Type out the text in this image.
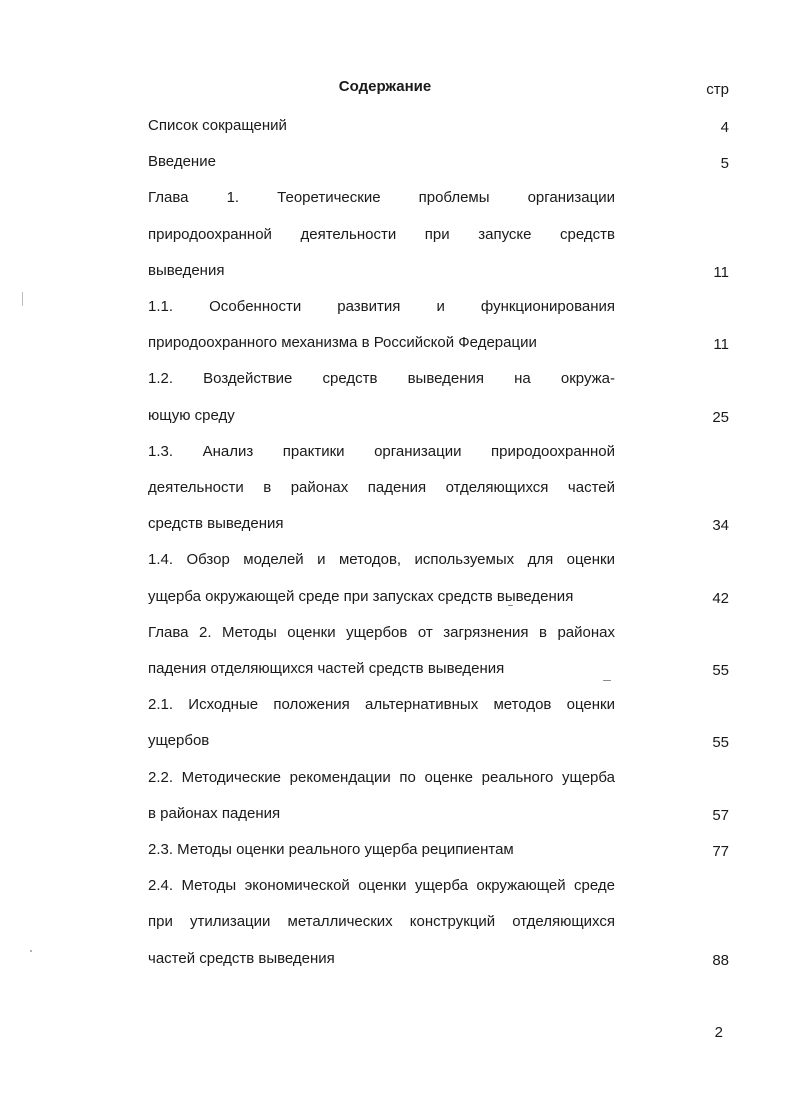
Содержание	стр
Список сокращений	4
Введение	5
Глава 1. Теоретические проблемы организации
природоохранной деятельности при запуске средств
выведения	11
1.1. Особенности развития и функционирования
природоохранного механизма в Российской Федерации	11
1.2. Воздействие средств выведения на окружа-
ющую среду	25
1.3. Анализ практики организации природоохранной
деятельности в районах падения отделяющихся частей
средств выведения	34
1.4. Обзор моделей и методов, используемых для оценки
ущерба окружающей среде при запусках средств выведения	42
Глава 2. Методы оценки ущербов от загрязнения в районах
падения отделяющихся частей средств выведения	55
2.1. Исходные положения альтернативных методов оценки
ущербов	55
2.2. Методические рекомендации по оценке реального ущерба
в районах падения	57
2.3. Методы оценки реального ущерба реципиентам	77
2.4. Методы экономической оценки ущерба окружающей среде
при утилизации металлических конструкций отделяющихся
частей средств выведения	88
2
